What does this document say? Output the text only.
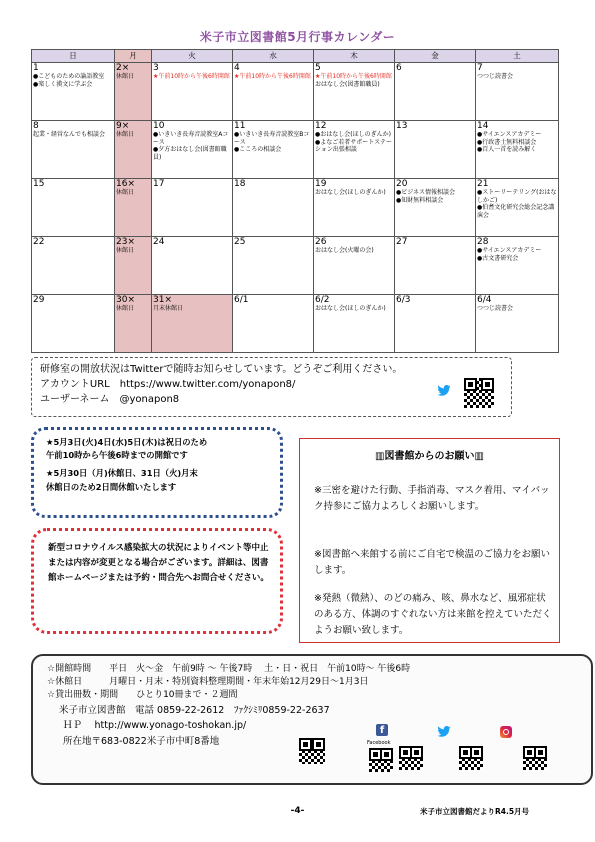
米子市立図書館5月行事カレンダー
日	月	火	水	木	金	土

1
●こどものための論語教室
●楽しく漢文に学ぶ会	2×
休館日	3
★午前10時から午後6時開館	4
★午前10時から午後6時開館	5
★午前10時から午後6時開館
おはなし会(図書館職員)	6	7
つつじ読書会

8
起業・経営なんでも相談会	9×
休館日	10
●いきいき長寿音読教室Aコース
●夕方おはなし会(図書館職員)	11
●いきいき長寿音読教室Bコース
●こころの相談会	12
●おはなし会(ほしのぎんか)
●よなご若者サポートステーション出張相談	13	14
●サイエンスアカデミー
●行政書士無料相談会
●百人一首を読み解く

15	16×
休館日	17	18	19
おはなし会(ほしのぎんか)	20
●ビジネス情報相談会
●知財無料相談会	21
●ストーリーテリング(おはなしかご)
●伯耆文化研究会総会記念講演会

22	23×
休館日	24	25	26
おはなし会(火曜の会)	27	28
●サイエンスアカデミー
●古文書研究会

29	30×
休館日	31×
月末休館日	6/1	6/2
おはなし会(ほしのぎんか)	6/3	6/4
つつじ読書会
研修室の開放状況はTwitterで随時お知らせしています。どうぞご利用ください。
アカウントURL　https://www.twitter.com/yonapon8/
ユーザーネーム　@yonapon8
★5月3日(火)4日(水)5日(木)は祝日のため
午前10時から午後6時までの開館です
★5月30日（月)休館日、31日（火)月末
休館日のため2日間休館いたします
新型コロナウイルス感染拡大の状況によりイベント等中止または内容が変更となる場合がございます。詳細は、図書館ホームページまたは予約・問合先へお問合せください。
▥図書館からのお願い▥
※三密を避けた行動、手指消毒、マスク着用、マイバック持参にご協力よろしくお願いします。
※図書館へ来館する前にご自宅で検温のご協力をお願いします。
※発熱（微熱）、のどの痛み、咳、鼻水など、風邪症状のある方、体調のすぐれない方は来館を控えていただくようお願い致します。
☆開館時間　　平日　火～金　午前9時 ～ 午後7時　 土・日・祝日　午前10時～ 午後6時
☆休館日　　　月曜日・月末・特別資料整理期間・年末年始12月29日～1月3日
☆貸出冊数・期間　　ひとり10冊まで・２週間
米子市立図書館　電話 0859-22-2612　ﾌｧｸｼﾐﾘ0859-22-2637
ＨＰ　 http://www.yonago-toshokan.jp/
所在地〒683-0822米子市中町8番地
f
Facebook
-4-	米子市立図書館だよりR4.5月号
